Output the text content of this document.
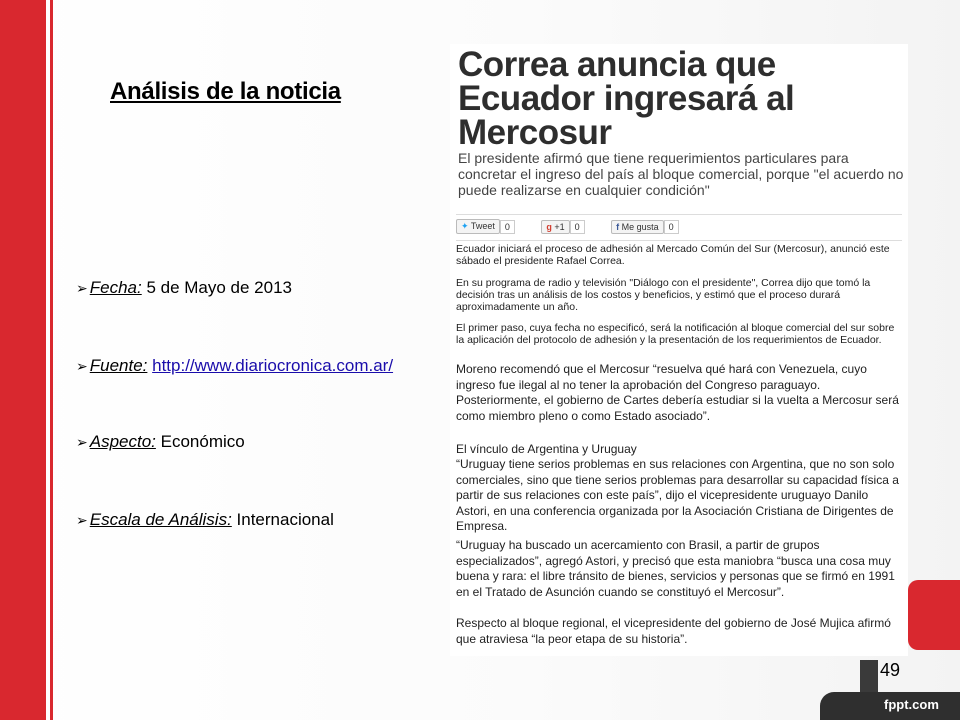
Análisis de la noticia
➢ Fecha: 5 de Mayo de 2013
➢ Fuente: http://www.diariocronica.com.ar/
➢ Aspecto: Económico
➢ Escala de Análisis: Internacional
Correa anuncia que Ecuador ingresará al Mercosur
El presidente afirmó que tiene requerimientos particulares para concretar el ingreso del país al bloque comercial, porque "el acuerdo no puede realizarse en cualquier condición"
✦ Tweet 0	g +1 0	f Me gusta 0
Ecuador iniciará el proceso de adhesión al Mercado Común del Sur (Mercosur), anunció este sábado el presidente Rafael Correa.
En su programa de radio y televisión "Diálogo con el presidente", Correa dijo que tomó la decisión tras un análisis de los costos y beneficios, y estimó que el proceso durará aproximadamente un año.
El primer paso, cuya fecha no especificó, será la notificación al bloque comercial del sur sobre la aplicación del protocolo de adhesión y la presentación de los requerimientos de Ecuador.
Moreno recomendó que el Mercosur “resuelva qué hará con Venezuela, cuyo ingreso fue ilegal al no tener la aprobación del Congreso paraguayo. Posteriormente, el gobierno de Cartes debería estudiar si la vuelta a Mercosur será como miembro pleno o como Estado asociado”.
El vínculo de Argentina y Uruguay
“Uruguay tiene serios problemas en sus relaciones con Argentina, que no son solo comerciales, sino que tiene serios problemas para desarrollar su capacidad física a partir de sus relaciones con este país”, dijo el vicepresidente uruguayo Danilo Astori, en una conferencia organizada por la Asociación Cristiana de Dirigentes de Empresa.
“Uruguay ha buscado un acercamiento con Brasil, a partir de grupos especializados”, agregó Astori, y precisó que esta maniobra “busca una cosa muy buena y rara: el libre tránsito de bienes, servicios y personas que se firmó en 1991 en el Tratado de Asunción cuando se constituyó el Mercosur”.
Respecto al bloque regional, el vicepresidente del gobierno de José Mujica afirmó que atraviesa “la peor etapa de su historia”.
49
fppt.com
